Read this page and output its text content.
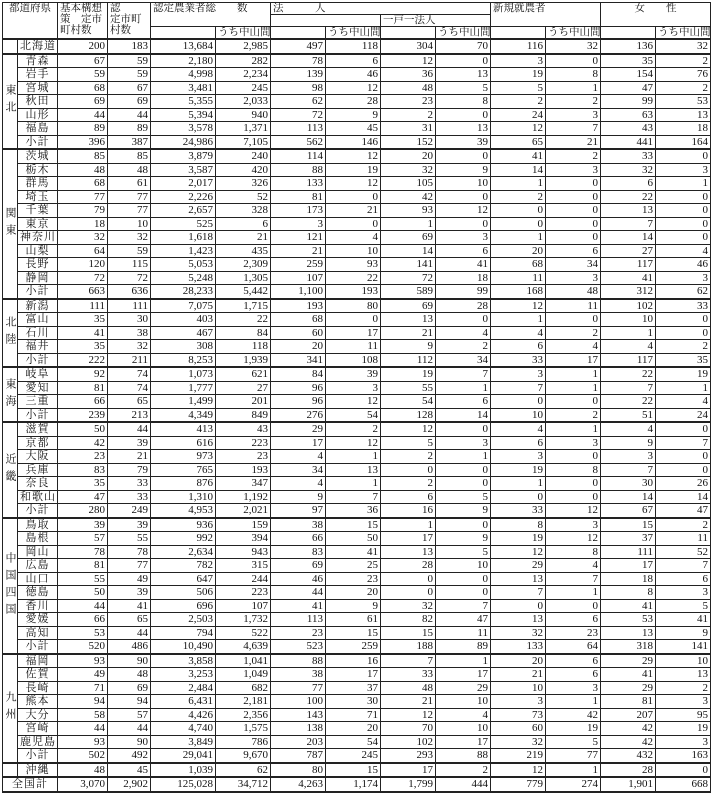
都道府県		基本構想策　定市町村数	認　　定市町村数	認定農業者総　　数		法　　　人				新規就農者		女　　性	
								一戸一法人					
					うち中山間		うち中山間		うち中山間		うち中山間		うち中山間
	北海道	200	183	13,684	2,985	497	118	304	70	116	32	136	32
東北	青森	67	59	2,180	282	78	6	12	0	3	0	35	2
	岩手	59	59	4,998	2,234	139	46	36	13	19	8	154	76
	宮城	68	67	3,481	245	98	12	48	5	5	1	47	2
	秋田	69	69	5,355	2,033	62	28	23	8	2	2	99	53
	山形	44	44	5,394	940	72	9	2	0	24	3	63	13
	福島	89	89	3,578	1,371	113	45	31	13	12	7	43	18
	小計	396	387	24,986	7,105	562	146	152	39	65	21	441	164
関東	茨城	85	85	3,879	240	114	12	20	0	41	2	33	0
	栃木	48	48	3,587	420	88	19	32	9	14	3	32	3
	群馬	68	61	2,017	326	133	12	105	10	1	0	6	1
	埼玉	77	77	2,226	52	81	0	42	0	2	0	22	0
	千葉	79	77	2,657	328	173	21	93	12	0	0	13	0
	東京	18	10	525	6	3	0	1	0	0	0	7	0
	神奈川	32	32	1,618	21	121	4	69	3	1	0	14	0
	山梨	64	59	1,423	435	21	10	14	6	20	6	27	4
	長野	120	115	5,053	2,309	259	93	141	41	68	34	117	46
	静岡	72	72	5,248	1,305	107	22	72	18	11	3	41	3
	小計	663	636	28,233	5,442	1,100	193	589	99	168	48	312	62
北陸	新潟	111	111	7,075	1,715	193	80	69	28	12	11	102	33
	富山	35	30	403	22	68	0	13	0	1	0	10	0
	石川	41	38	467	84	60	17	21	4	4	2	1	0
	福井	35	32	308	118	20	11	9	2	6	4	4	2
	小計	222	211	8,253	1,939	341	108	112	34	33	17	117	35
東海	岐阜	92	74	1,073	621	84	39	19	7	3	1	22	19
	愛知	81	74	1,777	27	96	3	55	1	7	1	7	1
	三重	66	65	1,499	201	96	12	54	6	0	0	22	4
	小計	239	213	4,349	849	276	54	128	14	10	2	51	24
近畿	滋賀	50	44	413	43	29	2	12	0	4	1	4	0
	京都	42	39	616	223	17	12	5	3	6	3	9	7
	大阪	23	21	973	23	4	1	2	1	3	0	3	0
	兵庫	83	79	765	193	34	13	0	0	19	8	7	0
	奈良	35	33	876	347	4	1	2	0	1	0	30	26
	和歌山	47	33	1,310	1,192	9	7	6	5	0	0	14	14
	小計	280	249	4,953	2,021	97	36	16	9	33	12	67	47
中国四国	鳥取	39	39	936	159	38	15	1	0	8	3	15	2
	島根	57	55	992	394	66	50	17	9	19	12	37	11
	岡山	78	78	2,634	943	83	41	13	5	12	8	111	52
	広島	81	77	782	315	69	25	28	10	29	4	17	7
	山口	55	49	647	244	46	23	0	0	13	7	18	6
	徳島	50	39	506	223	44	20	0	0	7	1	8	3
	香川	44	41	696	107	41	9	32	7	0	0	41	5
	愛媛	66	65	2,503	1,732	113	61	82	47	13	6	53	41
	高知	53	44	794	522	23	15	15	11	32	23	13	9
	小計	520	486	10,490	4,639	523	259	188	89	133	64	318	141
九州	福岡	93	90	3,858	1,041	88	16	7	1	20	6	29	10
	佐賀	49	48	3,253	1,049	38	17	33	17	21	6	41	13
	長崎	71	69	2,484	682	77	37	48	29	10	3	29	2
	熊本	94	94	6,431	2,181	100	30	21	10	3	1	81	3
	大分	58	57	4,426	2,356	143	71	12	4	73	42	207	95
	宮崎	44	44	4,740	1,575	138	20	70	10	60	19	42	19
	鹿児島	93	90	3,849	786	203	54	102	17	32	5	42	3
	小計	502	492	29,041	9,670	787	245	293	88	219	77	432	163
	沖縄	48	45	1,039	62	80	15	17	2	12	1	28	0
全国計		3,070	2,902	125,028	34,712	4,263	1,174	1,799	444	779	274	1,901	668
